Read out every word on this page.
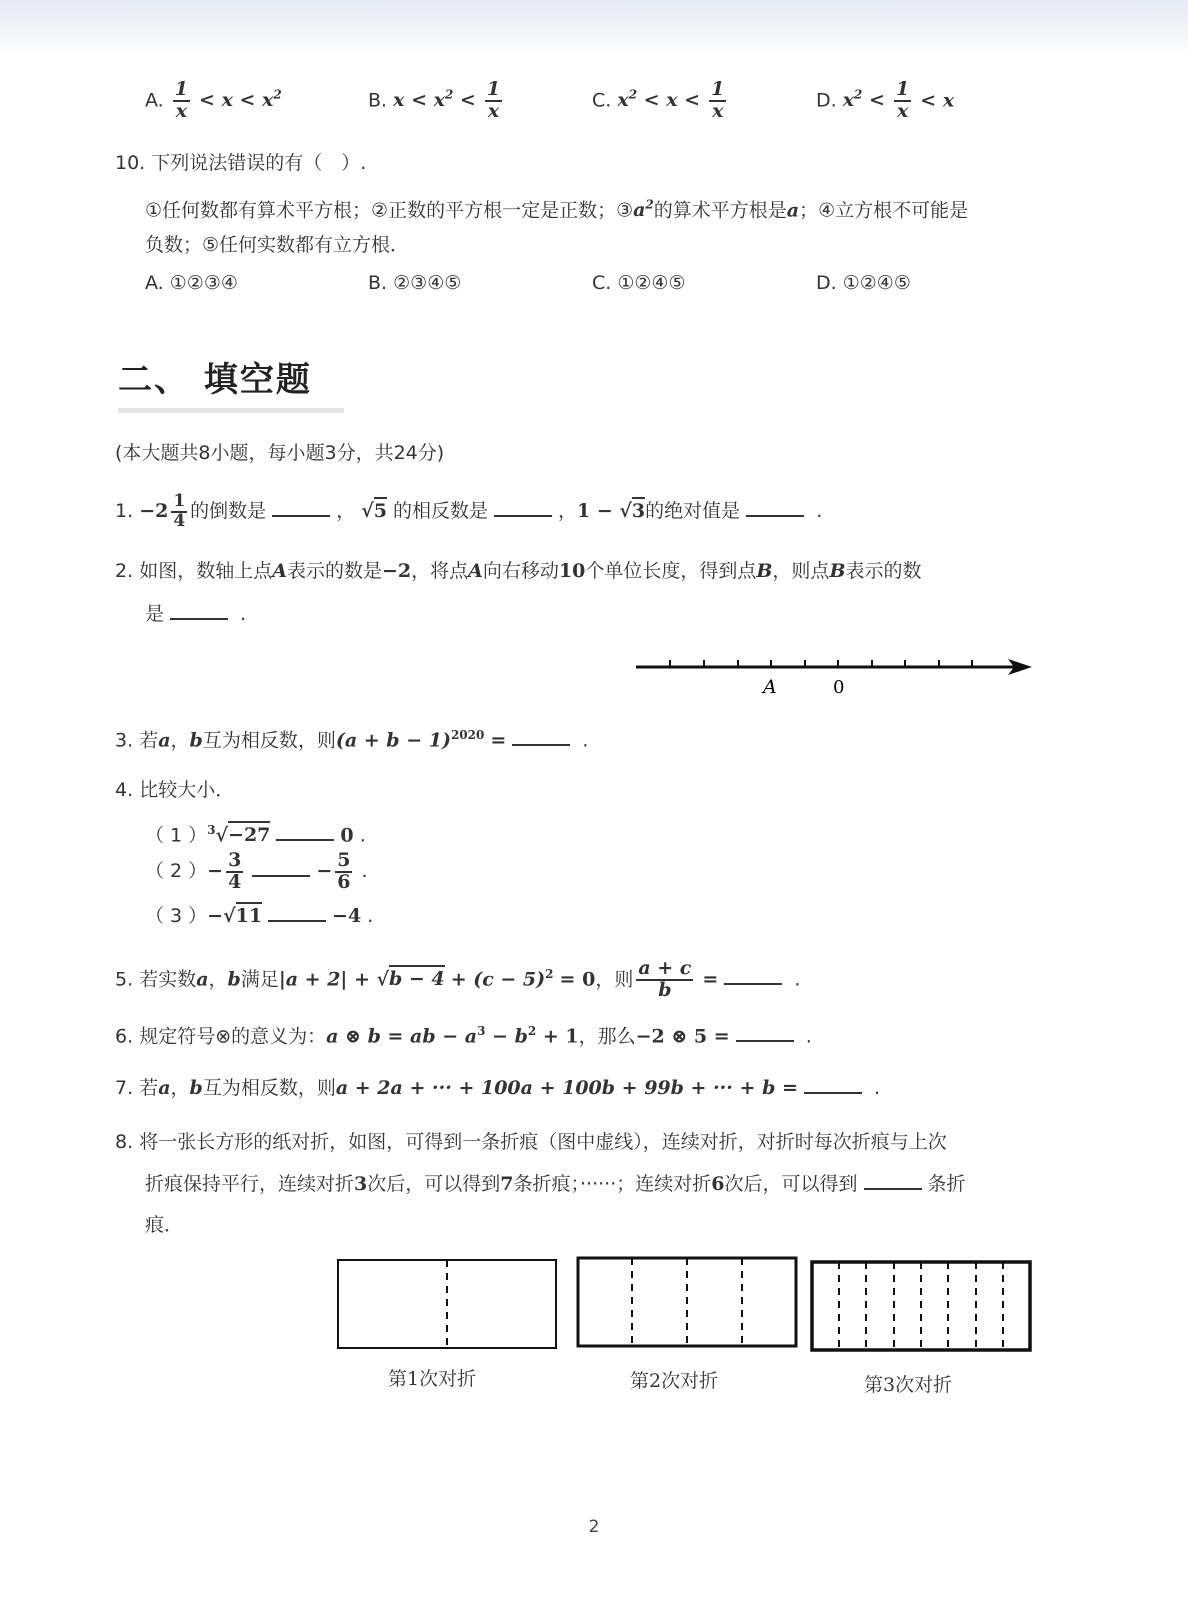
A. $\frac{1}{x} < x < x^2$	B. $x < x^2 < \frac{1}{x}$	C. $x^2 < x < \frac{1}{x}$	D. $x^2 < \frac{1}{x} < x$
10. 下列说法错误的有（　）.
①任何数都有算术平方根；②正数的平方根一定是正数；$③a^2$的算术平方根是a；④立方根不可能是
负数；⑤任何实数都有立方根．
A. ①②③④	B. ②③④⑤	C. ①②④⑤	D. ①②④⑤
二、 填空题
(本大题共8小题，每小题3分，共24分)
1. $-2 \frac{1}{4}$ 的倒数是	， √5 的相反数是	，1 − √3的绝对值是	.
2. 如图，数轴上点A表示的数是−2，将点A向右移动10个单位长度，得到点B，则点B表示的数
是	.
A	0
3. 若a，b互为相反数，则$(a + b - 1)^{2020}$ =	.
4. 比较大小．
（ 1 ）$^3$√−27	0 .
（ 2 ）− $\frac{3}{4}$	− $\frac{5}{6}$ .
（ 3 ）−√11	−4 .
5. 若实数a，b满足$|a + 2| + √b - 4 + (c - 5)^2 = 0$，则 $\frac{a + c}{b}$ =	.
6. 规定符号⊗的意义为：a ⊗ b = ab − $a^3 - b^2 + 1$，那么−2 ⊗ 5 =	.
7. 若a，b互为相反数，则a + 2a + ··· + 100a + 100b + 99b + ··· + b =	.
8. 将一张长方形的纸对折，如图，可得到一条折痕（图中虚线），连续对折，对折时每次折痕与上次
折痕保持平行，连续对折3次后，可以得到7条折痕；······；连续对折6次后，可以得到	条折
痕．
第1次对折	第2次对折	第3次对折
2
